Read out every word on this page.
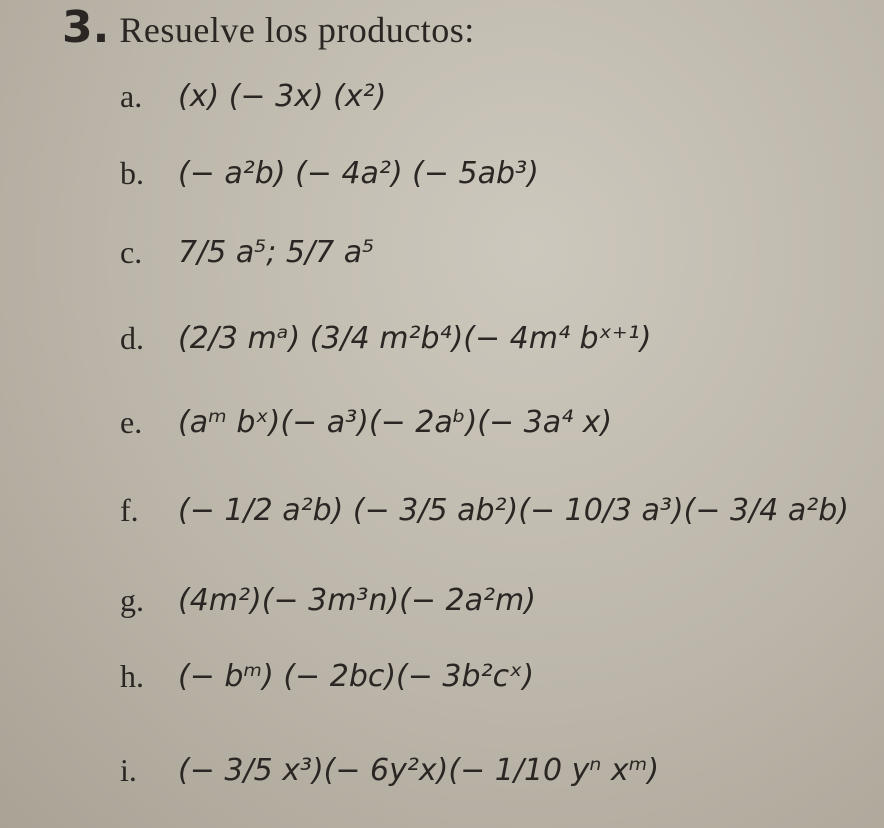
3. Resuelve los productos:
a.	(x) (− 3x) (x²)
b.	(− a²b) (− 4a²) (− 5ab³)
c.	7/5 a⁵; 5/7 a⁵
d.	(2/3 mᵃ) (3/4 m²b⁴)(− 4m⁴ bˣ⁺¹)
e.	(aᵐ bˣ)(− a³)(− 2aᵇ)(− 3a⁴ x)
f.	(− 1/2 a²b) (− 3/5 ab²)(− 10/3 a³)(− 3/4 a²b)
g.	(4m²)(− 3m³n)(− 2a²m)
h.	(− bᵐ) (− 2bc)(− 3b²cˣ)
i.	(− 3/5 x³)(− 6y²x)(− 1/10 yⁿ xᵐ)
